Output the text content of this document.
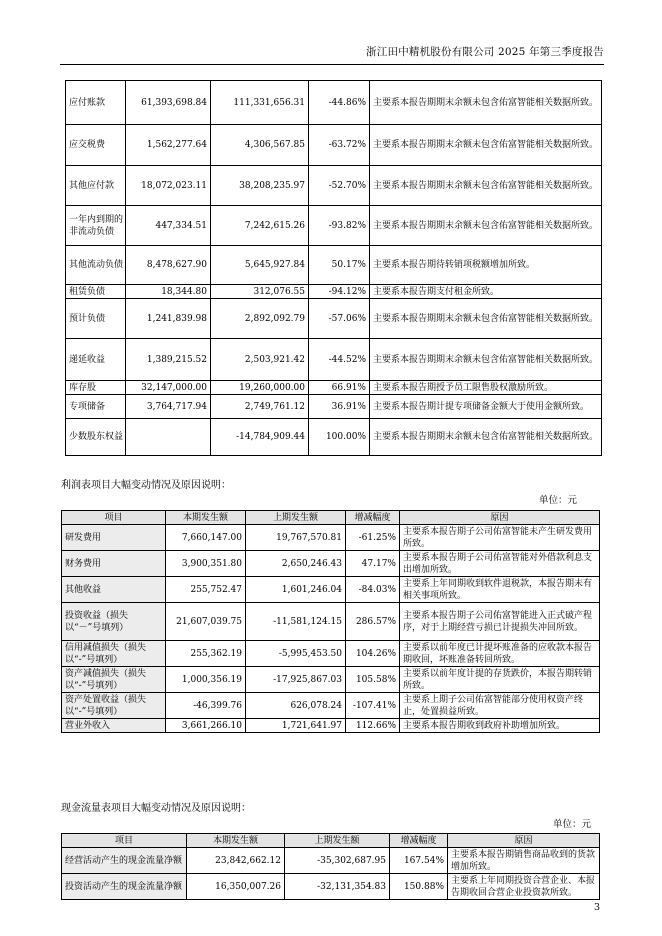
浙江田中精机股份有限公司 2025 年第三季度报告
应付账款	61,393,698.84	111,331,656.31	-44.86%	主要系本报告期期末余额未包含佑富智能相关数据所致。
应交税费	1,562,277.64	4,306,567.85	-63.72%	主要系本报告期期末余额未包含佑富智能相关数据所致。
其他应付款	18,072,023.11	38,208,235.97	-52.70%	主要系本报告期期末余额未包含佑富智能相关数据所致。
一年内到期的非流动负债	447,334.51	7,242,615.26	-93.82%	主要系本报告期期末余额未包含佑富智能相关数据所致。
其他流动负债	8,478,627.90	5,645,927.84	50.17%	主要系本报告期待转销项税额增加所致。
租赁负债	18,344.80	312,076.55	-94.12%	主要系本报告期支付租金所致。
预计负债	1,241,839.98	2,892,092.79	-57.06%	主要系本报告期期末余额未包含佑富智能相关数据所致。
递延收益	1,389,215.52	2,503,921.42	-44.52%	主要系本报告期期末余额未包含佑富智能相关数据所致。
库存股	32,147,000.00	19,260,000.00	66.91%	主要系本报告期授予员工限售股权激励所致。
专项储备	3,764,717.94	2,749,761.12	36.91%	主要系本报告期计提专项储备金额大于使用金额所致。
少数股东权益		-14,784,909.44	100.00%	主要系本报告期期末余额未包含佑富智能相关数据所致。
利润表项目大幅变动情况及原因说明：
单位：元
项目	本期发生额	上期发生额	增减幅度	原因
研发费用	7,660,147.00	19,767,570.81	-61.25%	主要系本报告期子公司佑富智能未产生研发费用所致。
财务费用	3,900,351.80	2,650,246.43	47.17%	主要系本报告期子公司佑富智能对外借款利息支出增加所致。
其他收益	255,752.47	1,601,246.04	-84.03%	主要系上年同期收到软件退税款，本报告期未有相关事项所致。
投资收益（损失以“－”号填列）	21,607,039.75	-11,581,124.15	286.57%	主要系本报告期子公司佑富智能进入正式破产程序，对于上期经营亏损已计提损失冲回所致。
信用减值损失（损失以“-”号填列）	255,362.19	-5,995,453.50	104.26%	主要系以前年度已计提坏账准备的应收款本报告期收回，坏账准备转回所致。
资产减值损失（损失以“-”号填列）	1,000,356.19	-17,925,867.03	105.58%	主要系以前年度计提的存货跌价，本报告期转销所致。
资产处置收益（损失以“-”号填列）	-46,399.76	626,078.24	-107.41%	主要系上期子公司佑富智能部分使用权资产终止，处置损益所致。
营业外收入	3,661,266.10	1,721,641.97	112.66%	主要系本报告期收到政府补助增加所致。
现金流量表项目大幅变动情况及原因说明：
单位：元
项目	本期发生额	上期发生额	增减幅度	原因
经营活动产生的现金流量净额	23,842,662.12	-35,302,687.95	167.54%	主要系本报告期销售商品收到的货款增加所致。
投资活动产生的现金流量净额	16,350,007.26	-32,131,354.83	150.88%	主要系上年同期投资合营企业、本报告期收回合营企业投资款所致。
3
